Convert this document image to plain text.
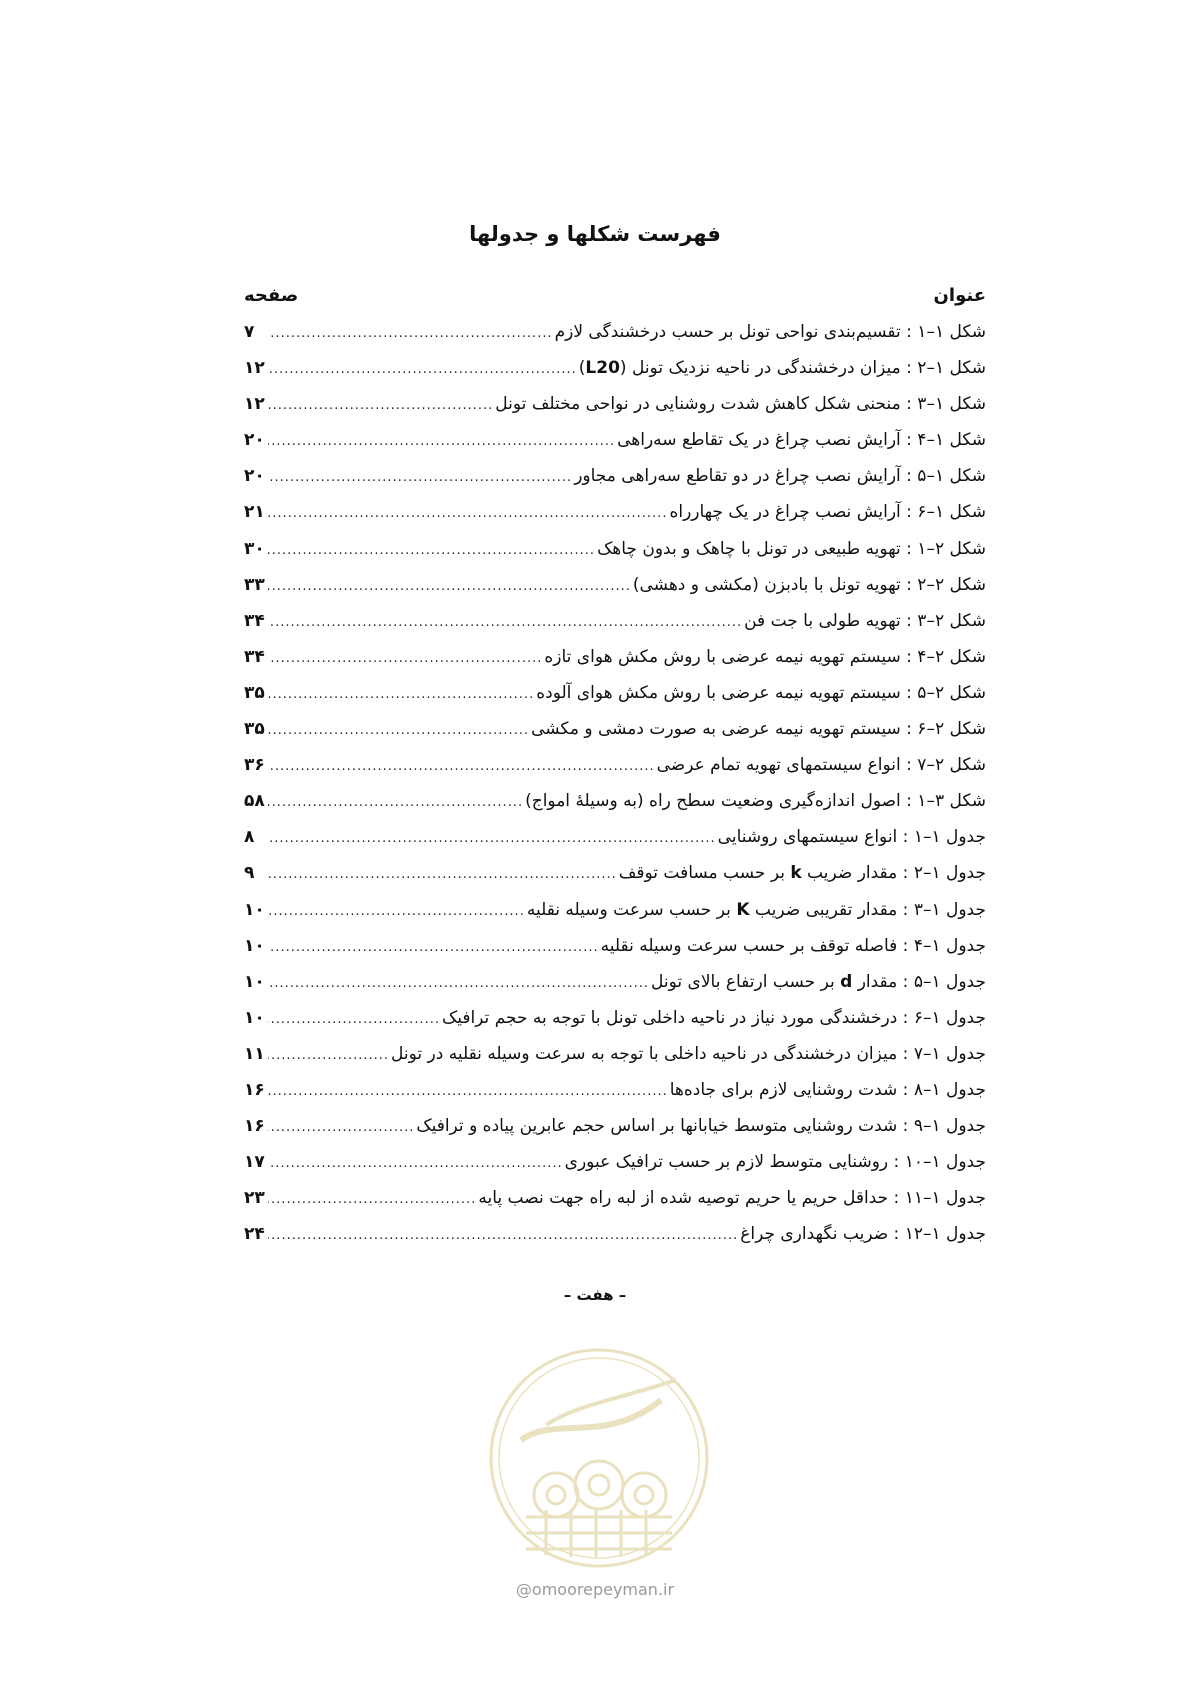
فهرست شکلها و جدولها
عنوان
صفحه
شکل ۱–۱ : تقسیم‌بندی نواحی تونل بر حسب درخشندگی لازم
.....
۷
شکل ۱–۲ : میزان درخشندگی در ناحیه نزدیک تونل (L20)
.....
۱۲
شکل ۱–۳ : منحنی شکل کاهش شدت روشنایی در نواحی مختلف تونل
.....
۱۲
شکل ۱–۴ : آرایش نصب چراغ در یک تقاطع سه‌راهی
.....
۲۰
شکل ۱–۵ : آرایش نصب چراغ در دو تقاطع سه‌راهی مجاور
.....
۲۰
شکل ۱–۶ : آرایش نصب چراغ در یک چهارراه
.....
۲۱
شکل ۲–۱ : تهویه طبیعی در تونل با چاهک و بدون چاهک
.....
۳۰
شکل ۲–۲ : تهویه تونل با بادبزن (مکشی و دهشی)
.....
۳۳
شکل ۲–۳ : تهویه طولی با جت فن
.....
۳۴
شکل ۲–۴ : سیستم تهویه نیمه عرضی با روش مکش هوای تازه
.....
۳۴
شکل ۲–۵ : سیستم تهویه نیمه عرضی با روش مکش هوای آلوده
.....
۳۵
شکل ۲–۶ : سیستم تهویه نیمه عرضی به صورت دمشی و مکشی
.....
۳۵
شکل ۲–۷ : انواع سیستمهای تهویه تمام عرضی
.....
۳۶
شکل ۳–۱ : اصول اندازه‌گیری وضعیت سطح راه (به وسیلهٔ امواج)
.....
۵۸
جدول ۱–۱ : انواع سیستمهای روشنایی
.....
۸
جدول ۱–۲ : مقدار ضریب k بر حسب مسافت توقف
.....
۹
جدول ۱–۳ : مقدار تقریبی ضریب K بر حسب سرعت وسیله نقلیه
.....
۱۰
جدول ۱–۴ : فاصله توقف بر حسب سرعت وسیله نقلیه
.....
۱۰
جدول ۱–۵ : مقدار d بر حسب ارتفاع بالای تونل
.....
۱۰
جدول ۱–۶ : درخشندگی مورد نیاز در ناحیه داخلی تونل با توجه به حجم ترافیک
.....
۱۰
جدول ۱–۷ : میزان درخشندگی در ناحیه داخلی با توجه به سرعت وسیله نقلیه در تونل
.....
۱۱
جدول ۱–۸ : شدت روشنایی لازم برای جاده‌ها
.....
۱۶
جدول ۱–۹ : شدت روشنایی متوسط خیابانها بر اساس حجم عابرین پیاده و ترافیک
.....
۱۶
جدول ۱–۱۰ : روشنایی متوسط لازم بر حسب ترافیک عبوری
.....
۱۷
جدول ۱–۱۱ : حداقل حریم یا حریم توصیه شده از لبه راه جهت نصب پایه
.....
۲۳
جدول ۱–۱۲ : ضریب نگهداری چراغ
.....
۲۴
– هفت –
@omoorepeyman.ir
